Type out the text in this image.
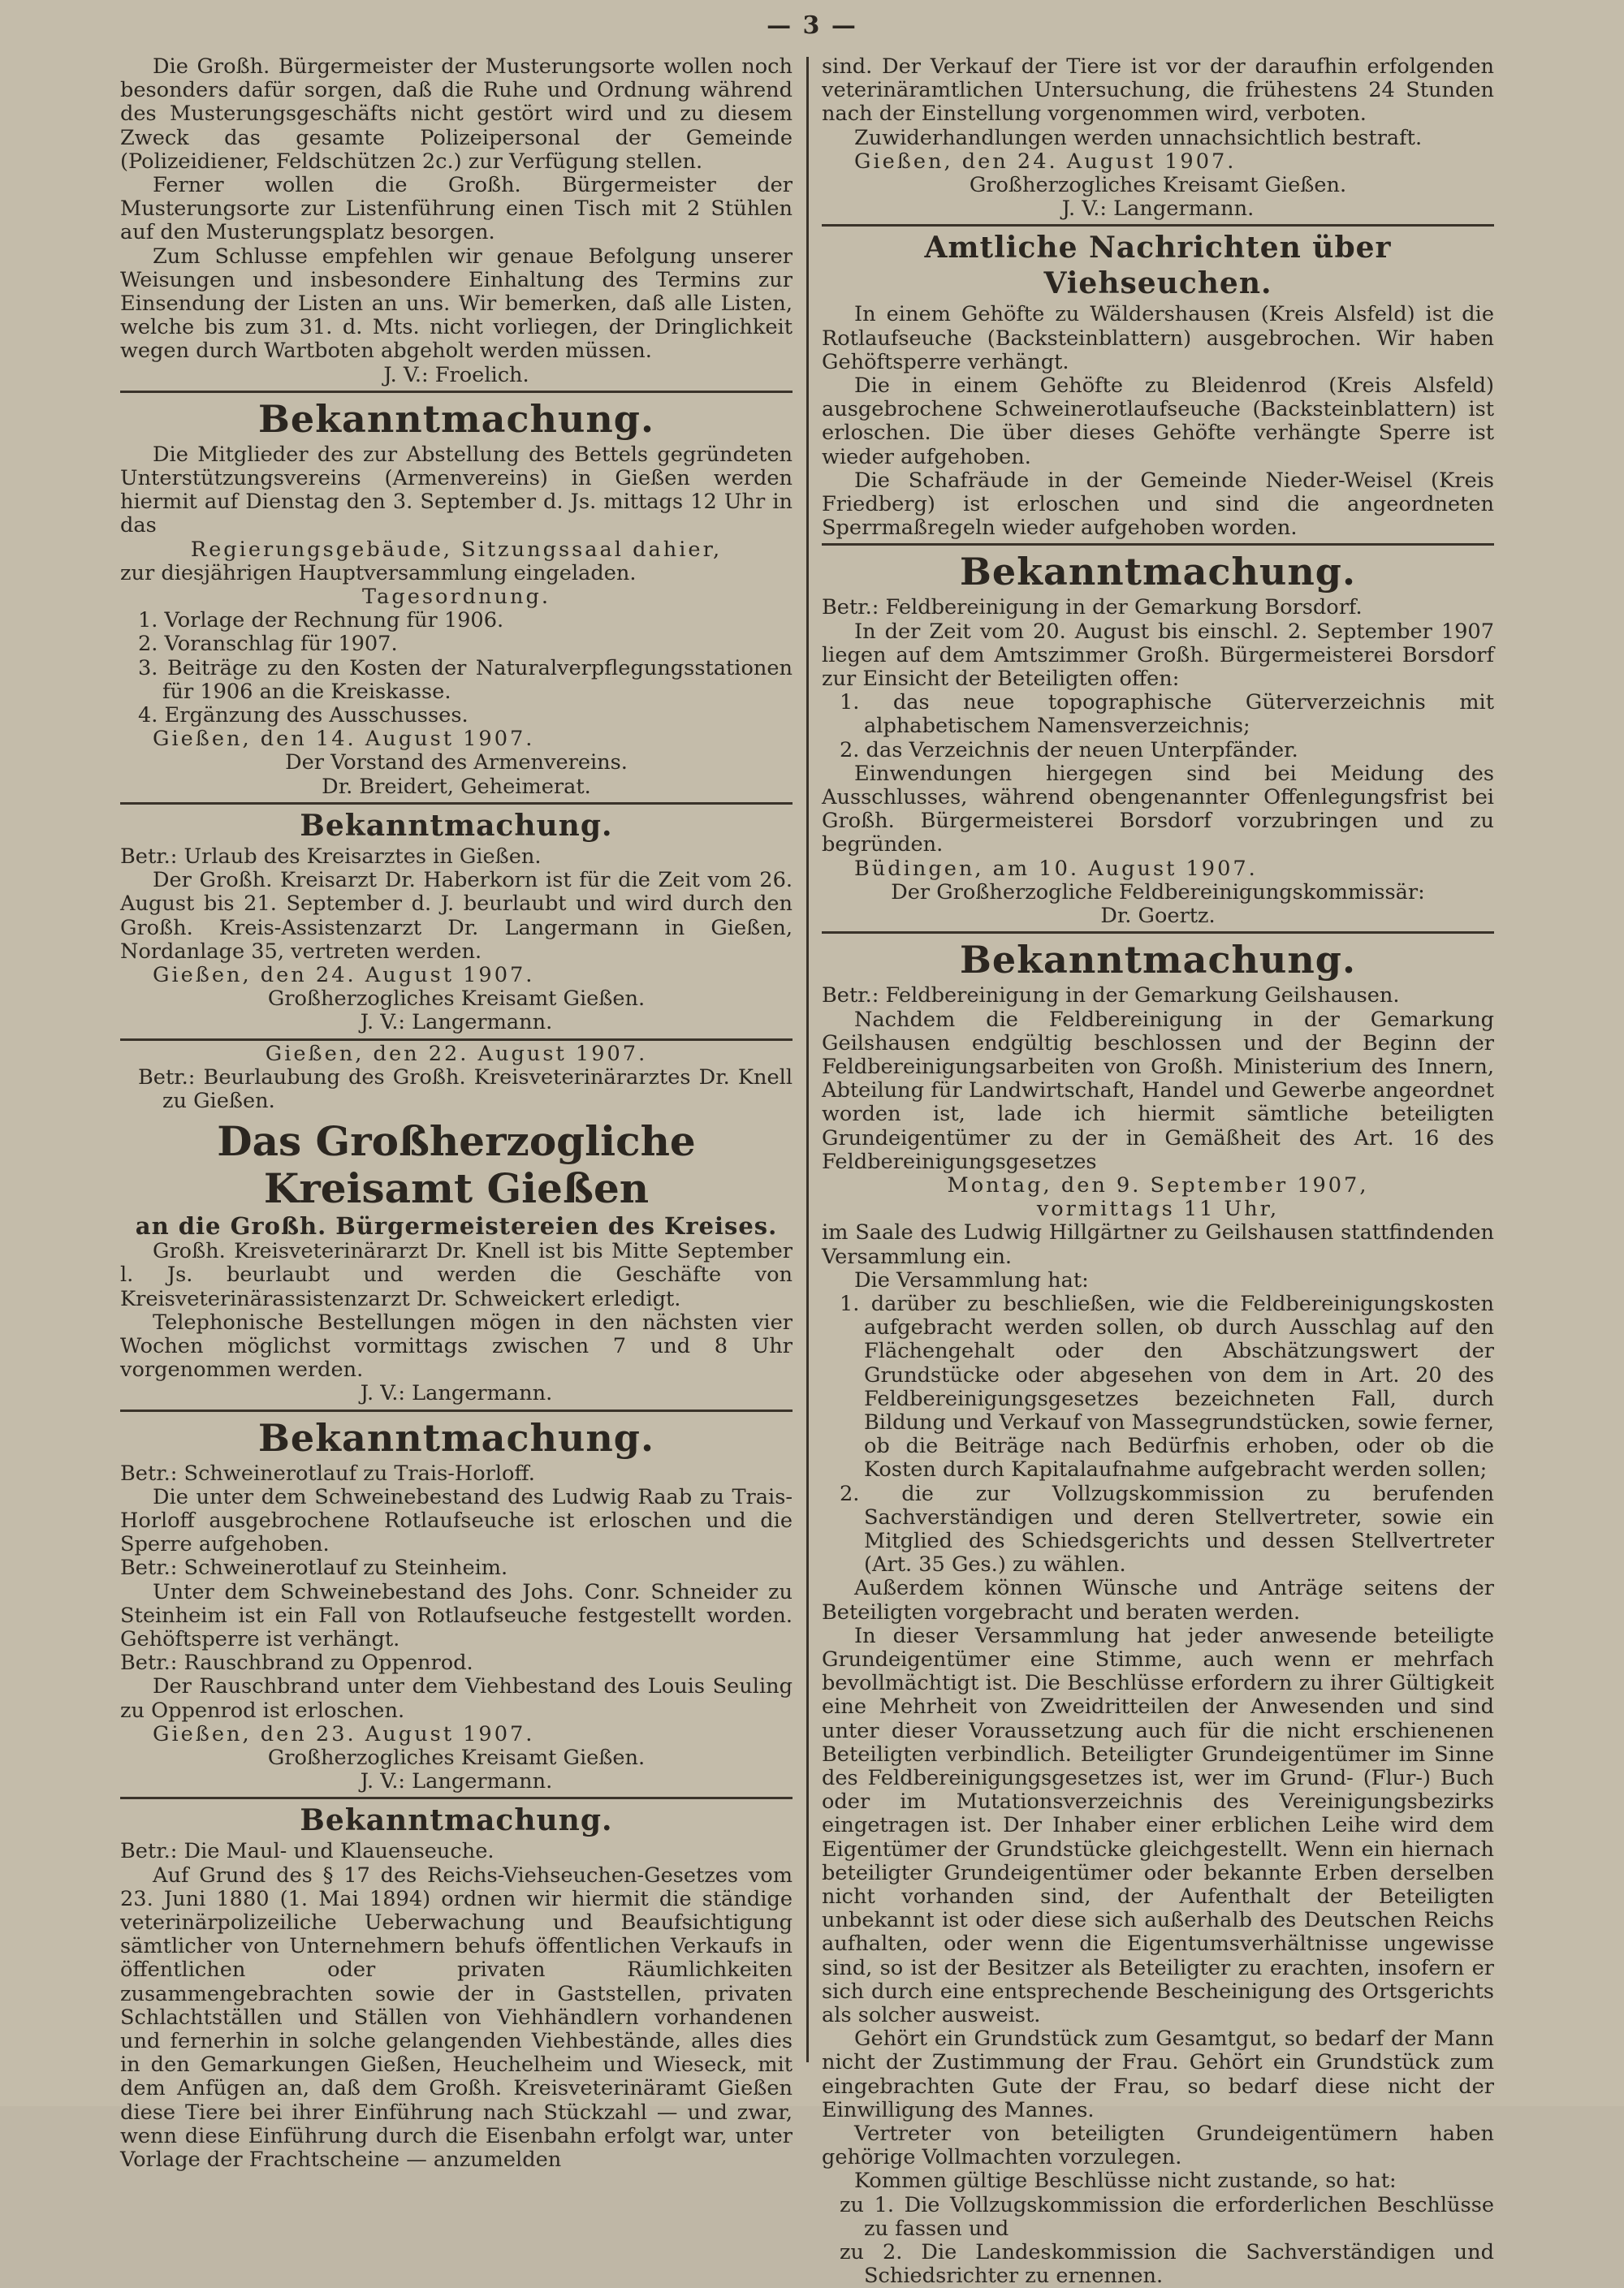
— 3 —

Die Großh. Bürgermeister der Musterungsorte wollen noch besonders dafür sorgen, daß die Ruhe und Ordnung während des Musterungsgeschäfts nicht gestört wird und zu diesem Zweck das gesamte Polizeipersonal der Gemeinde (Polizeidiener, Feldschützen 2c.) zur Verfügung stellen.

Ferner wollen die Großh. Bürgermeister der Musterungsorte zur Listenführung einen Tisch mit 2 Stühlen auf den Musterungsplatz besorgen.

Zum Schlusse empfehlen wir genaue Befolgung unserer Weisungen und insbesondere Einhaltung des Termins zur Einsendung der Listen an uns. Wir bemerken, daß alle Listen, welche bis zum 31. d. Mts. nicht vorliegen, der Dringlichkeit wegen durch Wartboten abgeholt werden müssen.

J. V.: Froelich.

Bekanntmachung.

Die Mitglieder des zur Abstellung des Bettels gegründeten Unterstützungsvereins (Armenvereins) in Gießen werden hiermit auf Dienstag den 3. September d. Js. mittags 12 Uhr in das

Regierungsgebäude, Sitzungssaal dahier,

zur diesjährigen Hauptversammlung eingeladen.

Tagesordnung.

1. Vorlage der Rechnung für 1906.

2. Voranschlag für 1907.

3. Beiträge zu den Kosten der Naturalverpflegungsstationen für 1906 an die Kreiskasse.

4. Ergänzung des Ausschusses.

Gießen, den 14. August 1907.

Der Vorstand des Armenvereins.

Dr. Breidert, Geheimerat.

Bekanntmachung.

Betr.: Urlaub des Kreisarztes in Gießen.

Der Großh. Kreisarzt Dr. Haberkorn ist für die Zeit vom 26. August bis 21. September d. J. beurlaubt und wird durch den Großh. Kreis-Assistenzarzt Dr. Langermann in Gießen, Nordanlage 35, vertreten werden.

Gießen, den 24. August 1907.

Großherzogliches Kreisamt Gießen.

J. V.: Langermann.

Gießen, den 22. August 1907.

Betr.: Beurlaubung des Großh. Kreisveterinärarztes Dr. Knell zu Gießen.

Das Großherzogliche Kreisamt Gießen
an die Großh. Bürgermeistereien des Kreises.

Großh. Kreisveterinärarzt Dr. Knell ist bis Mitte September l. Js. beurlaubt und werden die Geschäfte von Kreisveterinärassistenzarzt Dr. Schweickert erledigt.

Telephonische Bestellungen mögen in den nächsten vier Wochen möglichst vormittags zwischen 7 und 8 Uhr vorgenommen werden.

J. V.: Langermann.

Bekanntmachung.

Betr.: Schweinerotlauf zu Trais-Horloff.

Die unter dem Schweinebestand des Ludwig Raab zu Trais-Horloff ausgebrochene Rotlaufseuche ist erloschen und die Sperre aufgehoben.

Betr.: Schweinerotlauf zu Steinheim.

Unter dem Schweinebestand des Johs. Conr. Schneider zu Steinheim ist ein Fall von Rotlaufseuche festgestellt worden. Gehöftsperre ist verhängt.

Betr.: Rauschbrand zu Oppenrod.

Der Rauschbrand unter dem Viehbestand des Louis Seuling zu Oppenrod ist erloschen.

Gießen, den 23. August 1907.

Großherzogliches Kreisamt Gießen.

J. V.: Langermann.

Bekanntmachung.

Betr.: Die Maul- und Klauenseuche.

Auf Grund des § 17 des Reichs-Viehseuchen-Gesetzes vom 23. Juni 1880 (1. Mai 1894) ordnen wir hiermit die ständige veterinärpolizeiliche Ueberwachung und Beaufsichtigung sämtlicher von Unternehmern behufs öffentlichen Verkaufs in öffentlichen oder privaten Räumlichkeiten zusammengebrachten sowie der in Gaststellen, privaten Schlachtställen und Ställen von Viehhändlern vorhandenen und fernerhin in solche gelangenden Viehbestände, alles dies in den Gemarkungen Gießen, Heuchelheim und Wieseck, mit dem Anfügen an, daß dem Großh. Kreisveterinäramt Gießen diese Tiere bei ihrer Einführung nach Stückzahl — und zwar, wenn diese Einführung durch die Eisenbahn erfolgt war, unter Vorlage der Frachtscheine — anzumelden

sind. Der Verkauf der Tiere ist vor der daraufhin erfolgenden veterinäramtlichen Untersuchung, die frühestens 24 Stunden nach der Einstellung vorgenommen wird, verboten.

Zuwiderhandlungen werden unnachsichtlich bestraft.

Gießen, den 24. August 1907.

Großherzogliches Kreisamt Gießen.

J. V.: Langermann.

Amtliche Nachrichten über Viehseuchen.

In einem Gehöfte zu Wäldershausen (Kreis Alsfeld) ist die Rotlaufseuche (Backsteinblattern) ausgebrochen. Wir haben Gehöftsperre verhängt.

Die in einem Gehöfte zu Bleidenrod (Kreis Alsfeld) ausgebrochene Schweinerotlaufseuche (Backsteinblattern) ist erloschen. Die über dieses Gehöfte verhängte Sperre ist wieder aufgehoben.

Die Schafräude in der Gemeinde Nieder-Weisel (Kreis Friedberg) ist erloschen und sind die angeordneten Sperrmaßregeln wieder aufgehoben worden.

Bekanntmachung.

Betr.: Feldbereinigung in der Gemarkung Borsdorf.

In der Zeit vom 20. August bis einschl. 2. September 1907 liegen auf dem Amtszimmer Großh. Bürgermeisterei Borsdorf zur Einsicht der Beteiligten offen:

1. das neue topographische Güterverzeichnis mit alphabetischem Namensverzeichnis;

2. das Verzeichnis der neuen Unterpfänder.

Einwendungen hiergegen sind bei Meidung des Ausschlusses, während obengenannter Offenlegungsfrist bei Großh. Bürgermeisterei Borsdorf vorzubringen und zu begründen.

Büdingen, am 10. August 1907.

Der Großherzogliche Feldbereinigungskommissär:

Dr. Goertz.

Bekanntmachung.

Betr.: Feldbereinigung in der Gemarkung Geilshausen.

Nachdem die Feldbereinigung in der Gemarkung Geilshausen endgültig beschlossen und der Beginn der Feldbereinigungsarbeiten von Großh. Ministerium des Innern, Abteilung für Landwirtschaft, Handel und Gewerbe angeordnet worden ist, lade ich hiermit sämtliche beteiligten Grundeigentümer zu der in Gemäßheit des Art. 16 des Feldbereinigungsgesetzes

Montag, den 9. September 1907,

vormittags 11 Uhr,

im Saale des Ludwig Hillgärtner zu Geilshausen stattfindenden Versammlung ein.

Die Versammlung hat:

1. darüber zu beschließen, wie die Feldbereinigungskosten aufgebracht werden sollen, ob durch Ausschlag auf den Flächengehalt oder den Abschätzungswert der Grundstücke oder abgesehen von dem in Art. 20 des Feldbereinigungsgesetzes bezeichneten Fall, durch Bildung und Verkauf von Massegrundstücken, sowie ferner, ob die Beiträge nach Bedürfnis erhoben, oder ob die Kosten durch Kapitalaufnahme aufgebracht werden sollen;

2. die zur Vollzugskommission zu berufenden Sachverständigen und deren Stellvertreter, sowie ein Mitglied des Schiedsgerichts und dessen Stellvertreter (Art. 35 Ges.) zu wählen.

Außerdem können Wünsche und Anträge seitens der Beteiligten vorgebracht und beraten werden.

In dieser Versammlung hat jeder anwesende beteiligte Grundeigentümer eine Stimme, auch wenn er mehrfach bevollmächtigt ist. Die Beschlüsse erfordern zu ihrer Gültigkeit eine Mehrheit von Zweidritteilen der Anwesenden und sind unter dieser Voraussetzung auch für die nicht erschienenen Beteiligten verbindlich. Beteiligter Grundeigentümer im Sinne des Feldbereinigungsgesetzes ist, wer im Grund- (Flur-) Buch oder im Mutationsverzeichnis des Vereinigungsbezirks eingetragen ist. Der Inhaber einer erblichen Leihe wird dem Eigentümer der Grundstücke gleichgestellt. Wenn ein hiernach beteiligter Grundeigentümer oder bekannte Erben derselben nicht vorhanden sind, der Aufenthalt der Beteiligten unbekannt ist oder diese sich außerhalb des Deutschen Reichs aufhalten, oder wenn die Eigentumsverhältnisse ungewisse sind, so ist der Besitzer als Beteiligter zu erachten, insofern er sich durch eine entsprechende Bescheinigung des Ortsgerichts als solcher ausweist.

Gehört ein Grundstück zum Gesamtgut, so bedarf der Mann nicht der Zustimmung der Frau. Gehört ein Grundstück zum eingebrachten Gute der Frau, so bedarf diese nicht der Einwilligung des Mannes.

Vertreter von beteiligten Grundeigentümern haben gehörige Vollmachten vorzulegen.

Kommen gültige Beschlüsse nicht zustande, so hat:

zu 1. Die Vollzugskommission die erforderlichen Beschlüsse zu fassen und

zu 2. Die Landeskommission die Sachverständigen und Schiedsrichter zu ernennen.
